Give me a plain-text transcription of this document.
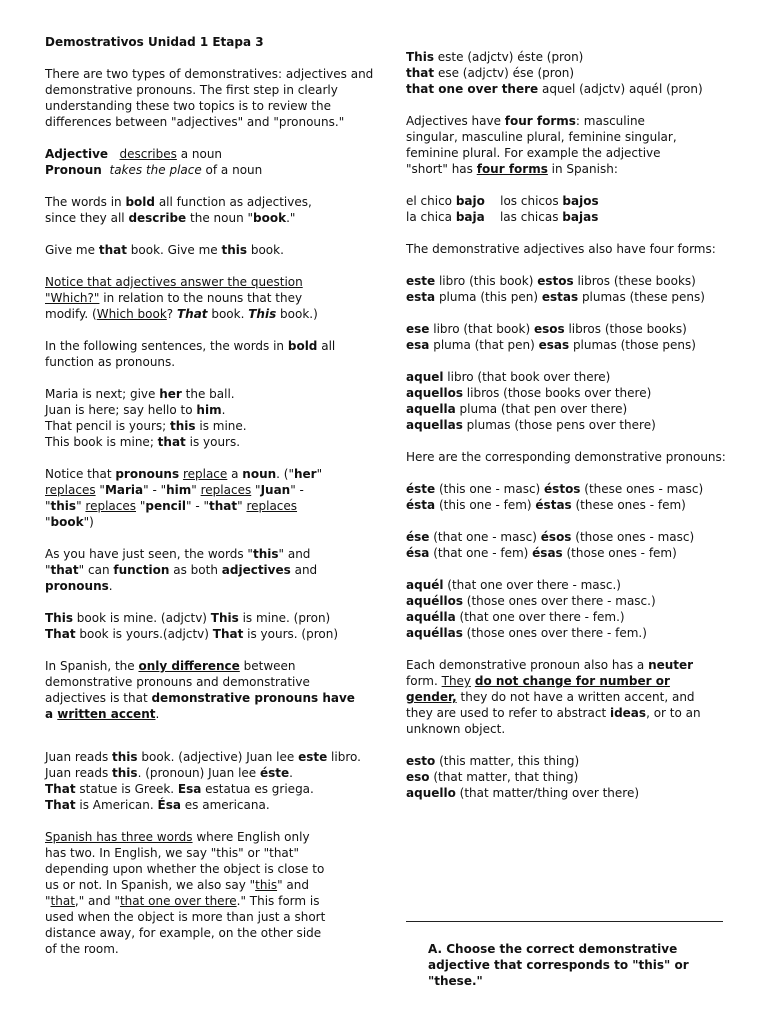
Demostrativos Unidad 1 Etapa 3

There are two types of demonstratives: adjectives and

demonstrative pronouns. The first step in clearly

understanding these two topics is to review the

differences between "adjectives" and "pronouns."

Adjective describes a noun

Pronoun takes the place of a noun

The words in bold all function as adjectives,

since they all describe the noun "book."

Give me that book. Give me this book.

Notice that adjectives answer the question

"Which?" in relation to the nouns that they

modify. (Which book? That book. This book.)

In the following sentences, the words in bold all

function as pronouns.

Maria is next; give her the ball.

Juan is here; say hello to him.

That pencil is yours; this is mine.

This book is mine; that is yours.

Notice that pronouns replace a noun. ("her"

replaces "Maria" - "him" replaces "Juan" -

"this" replaces "pencil" - "that" replaces

"book")

As you have just seen, the words "this" and

"that" can function as both adjectives and

pronouns.

This book is mine. (adjctv) This is mine. (pron)

That book is yours.(adjctv) That is yours. (pron)

In Spanish, the only difference between

demonstrative pronouns and demonstrative

adjectives is that demonstrative pronouns have

a written accent.

Juan reads this book. (adjective) Juan lee este libro.

Juan reads this. (pronoun) Juan lee éste.

That statue is Greek. Esa estatua es griega.

That is American. Ésa es americana.

Spanish has three words where English only

has two. In English, we say "this" or "that"

depending upon whether the object is close to

us or not. In Spanish, we also say "this" and

"that," and "that one over there." This form is

used when the object is more than just a short

distance away, for example, on the other side

of the room.

This este (adjctv) éste (pron)

that ese (adjctv) ése (pron)

that one over there aquel (adjctv) aquél (pron)

Adjectives have four forms: masculine

singular, masculine plural, feminine singular,

feminine plural. For example the adjective

"short" has four forms in Spanish:

el chico bajo    los chicos bajos

la chica baja    las chicas bajas

The demonstrative adjectives also have four forms:

este libro (this book) estos libros (these books)

esta pluma (this pen) estas plumas (these pens)

ese libro (that book) esos libros (those books)

esa pluma (that pen) esas plumas (those pens)

aquel libro (that book over there)

aquellos libros (those books over there)

aquella pluma (that pen over there)

aquellas plumas (those pens over there)

Here are the corresponding demonstrative pronouns:

éste (this one - masc) éstos (these ones - masc)

ésta (this one - fem) éstas (these ones - fem)

ése (that one - masc) ésos (those ones - masc)

ésa (that one - fem) ésas (those ones - fem)

aquél (that one over there - masc.)

aquéllos (those ones over there - masc.)

aquélla (that one over there - fem.)

aquéllas (those ones over there - fem.)

Each demonstrative pronoun also has a neuter

form. They do not change for number or

gender, they do not have a written accent, and

they are used to refer to abstract ideas, or to an

unknown object.

esto (this matter, this thing)

eso (that matter, that thing)

aquello (that matter/thing over there)

A. Choose the correct demonstrative
adjective that corresponds to "this" or
"these."
